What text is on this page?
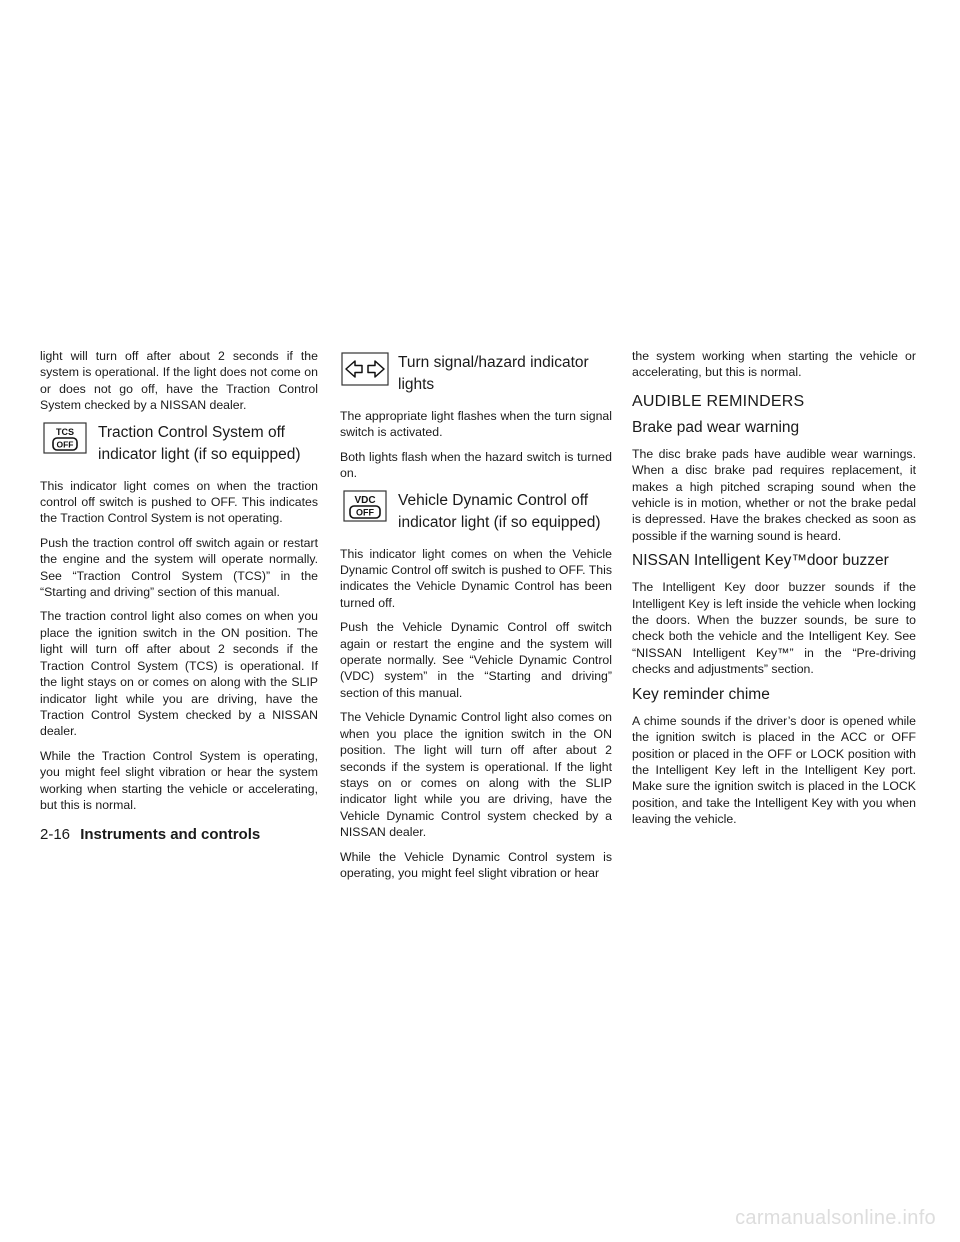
light will turn off after about 2 seconds if the system is operational. If the light does not come on or does not go off, have the Traction Control System checked by a NISSAN dealer.

TCS
OFF
Traction Control System off indicator light (if so equipped)

This indicator light comes on when the traction control off switch is pushed to OFF. This indicates the Traction Control System is not operating.

Push the traction control off switch again or restart the engine and the system will operate normally. See “Traction Control System (TCS)” in the “Starting and driving” section of this manual.

The traction control light also comes on when you place the ignition switch in the ON position. The light will turn off after about 2 seconds if the Traction Control System (TCS) is operational. If the light stays on or comes on along with the SLIP indicator light while you are driving, have the Traction Control System checked by a NISSAN dealer.

While the Traction Control System is operating, you might feel slight vibration or hear the system working when starting the vehicle or accelerating, but this is normal.

Turn signal/hazard indicator lights

The appropriate light flashes when the turn signal switch is activated.

Both lights flash when the hazard switch is turned on.

VDC
OFF
Vehicle Dynamic Control off indicator light (if so equipped)

This indicator light comes on when the Vehicle Dynamic Control off switch is pushed to OFF. This indicates the Vehicle Dynamic Control has been turned off.

Push the Vehicle Dynamic Control off switch again or restart the engine and the system will operate normally. See “Vehicle Dynamic Control (VDC) system” in the “Starting and driving” section of this manual.

The Vehicle Dynamic Control light also comes on when you place the ignition switch in the ON position. The light will turn off after about 2 seconds if the system is operational. If the light stays on or comes on along with the SLIP indicator light while you are driving, have the Vehicle Dynamic Control system checked by a NISSAN dealer.

While the Vehicle Dynamic Control system is operating, you might feel slight vibration or hear

the system working when starting the vehicle or accelerating, but this is normal.

AUDIBLE REMINDERS
Brake pad wear warning

The disc brake pads have audible wear warnings. When a disc brake pad requires replacement, it makes a high pitched scraping sound when the vehicle is in motion, whether or not the brake pedal is depressed. Have the brakes checked as soon as possible if the warning sound is heard.

NISSAN Intelligent Key™door buzzer

The Intelligent Key door buzzer sounds if the Intelligent Key is left inside the vehicle when locking the doors. When the buzzer sounds, be sure to check both the vehicle and the Intelligent Key. See “NISSAN Intelligent Key™” in the “Pre-driving checks and adjustments” section.

Key reminder chime

A chime sounds if the driver’s door is opened while the ignition switch is placed in the ACC or OFF position or placed in the OFF or LOCK position with the Intelligent Key left in the Intelligent Key port. Make sure the ignition switch is placed in the LOCK position, and take the Intelligent Key with you when leaving the vehicle.

2-16 Instruments and controls
carmanualsonline.info
